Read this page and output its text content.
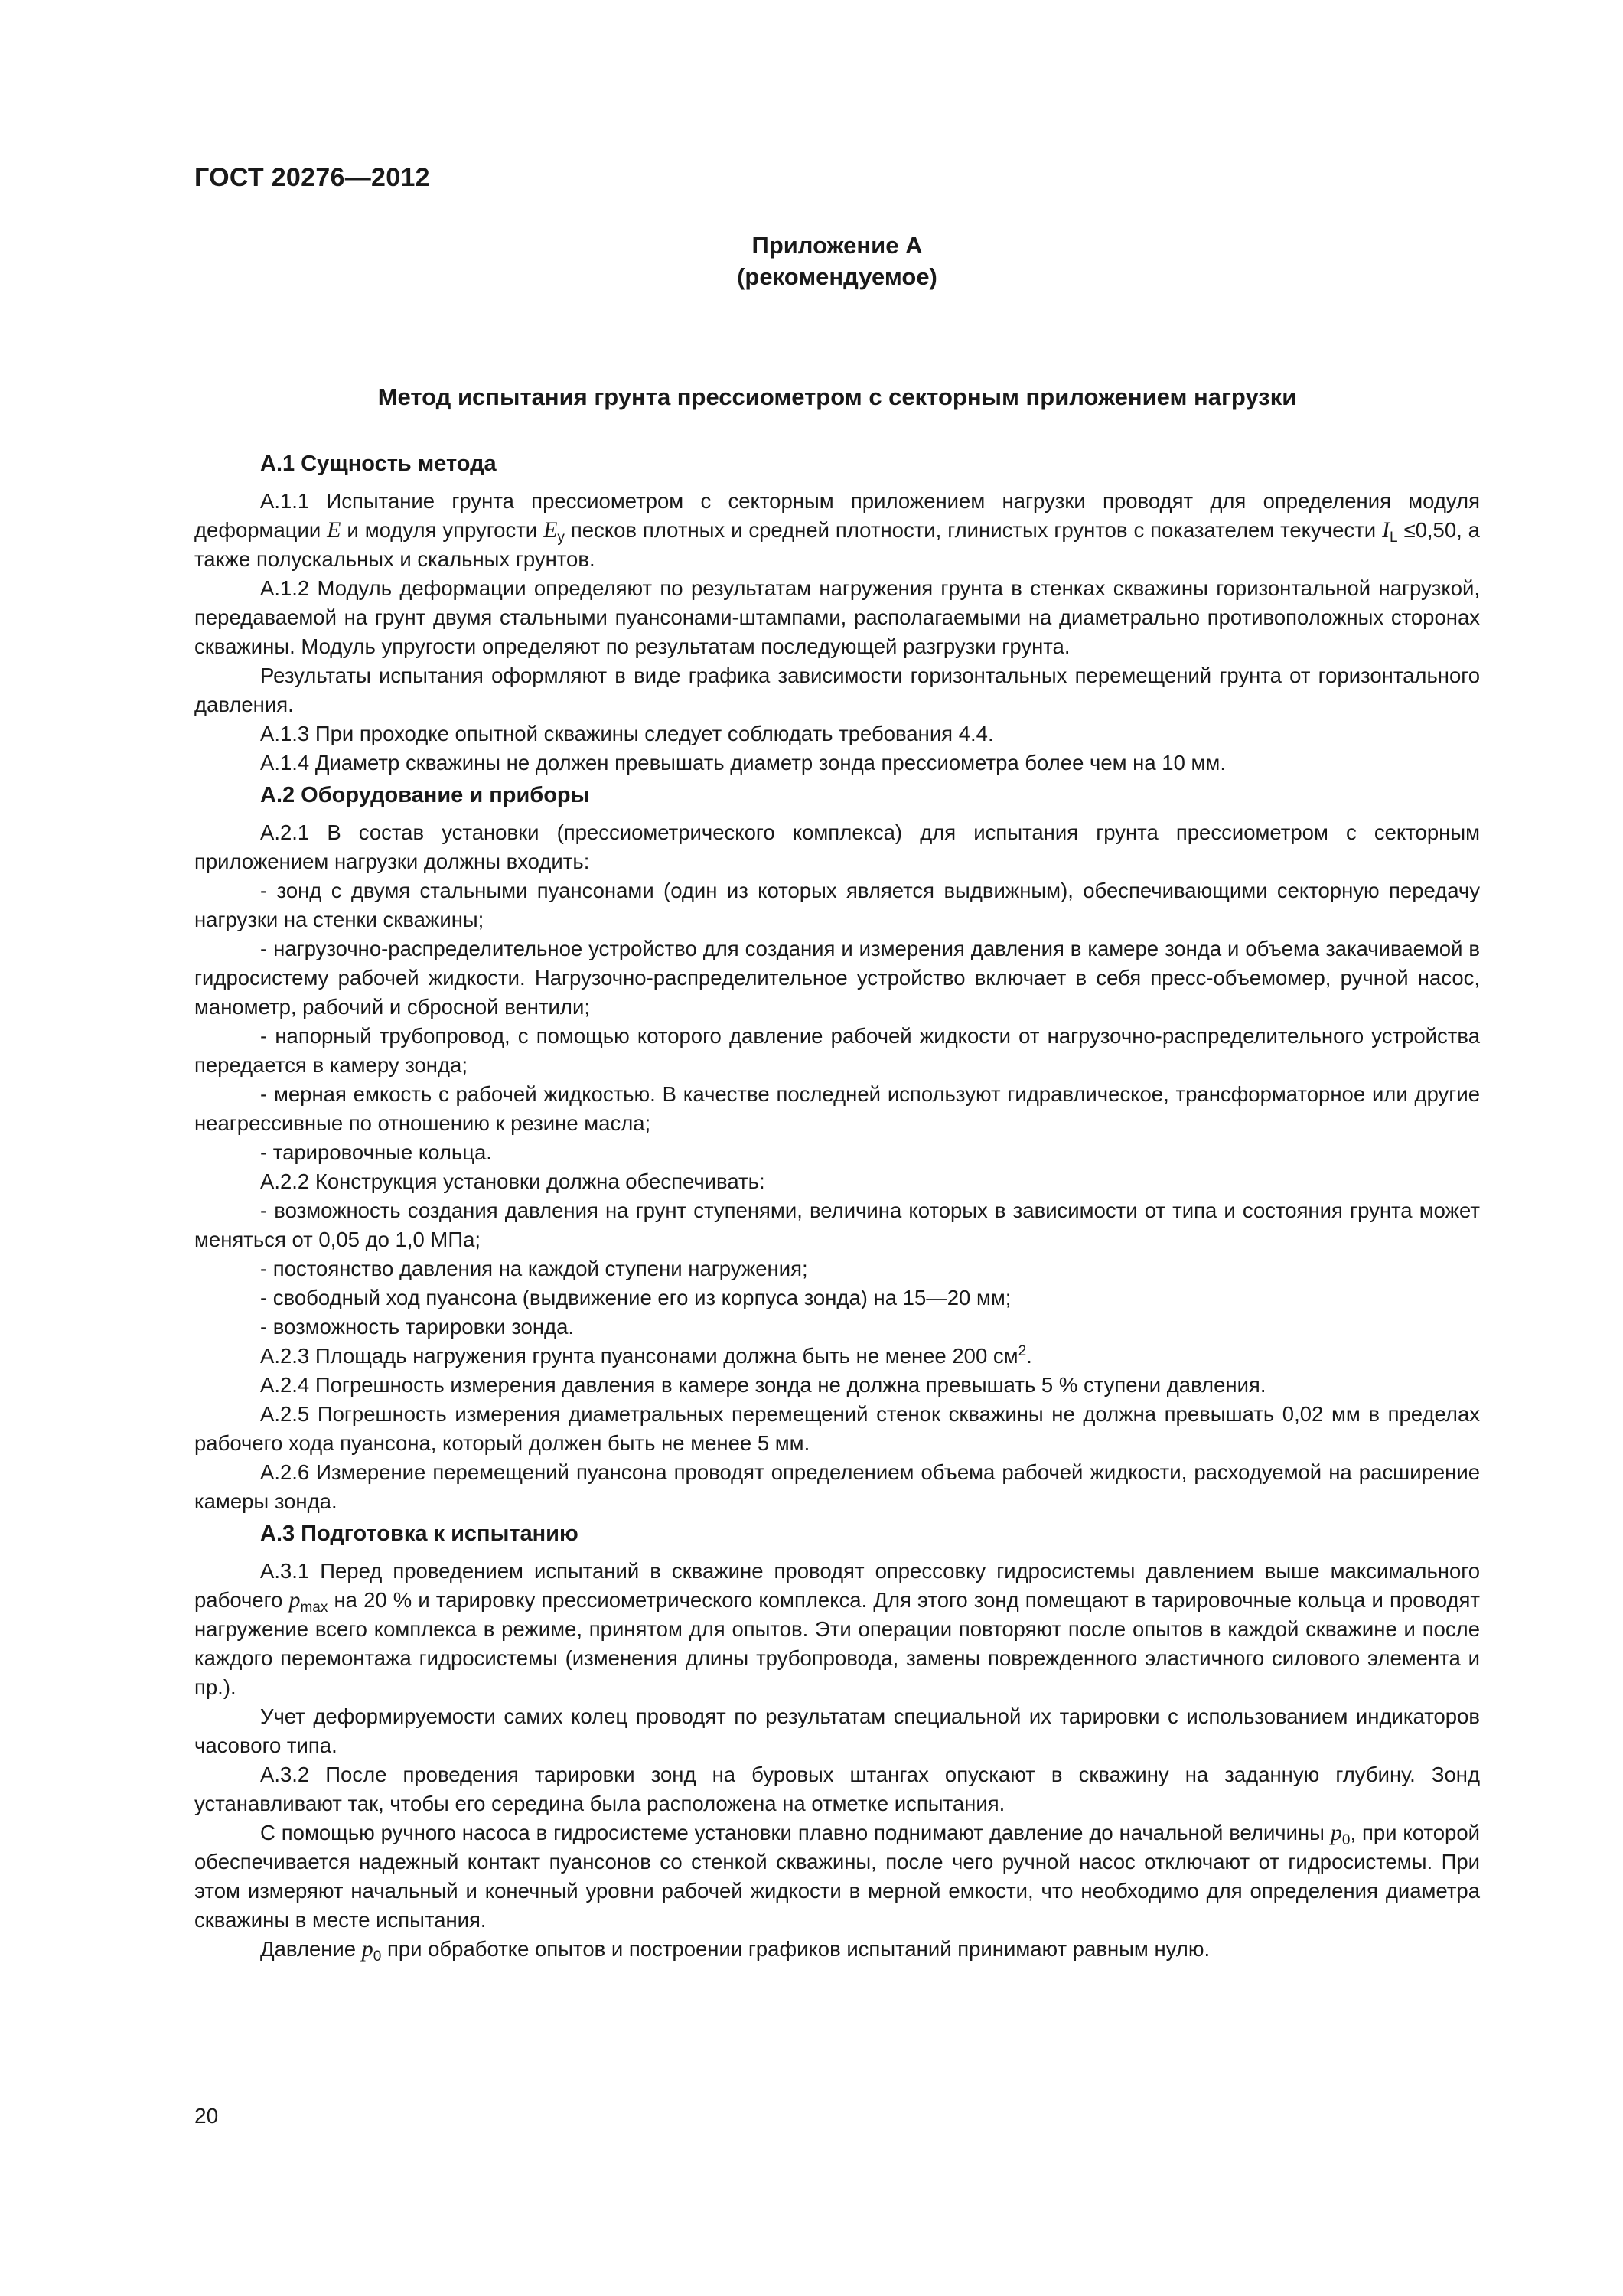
ГОСТ 20276—2012
Приложение А
(рекомендуемое)
Метод испытания грунта прессиометром с секторным приложением нагрузки
А.1 Сущность метода

А.1.1 Испытание грунта прессиометром с секторным приложением нагрузки проводят для определения модуля деформации E и модуля упругости $E_у$ песков плотных и средней плотности, глинистых грунтов с показателем текучести $I_L \le 0,50$, а также полускальных и скальных грунтов.

А.1.2 Модуль деформации определяют по результатам нагружения грунта в стенках скважины горизонтальной нагрузкой, передаваемой на грунт двумя стальными пуансонами-штампами, располагаемыми на диаметрально противоположных сторонах скважины. Модуль упругости определяют по результатам последующей разгрузки грунта.

Результаты испытания оформляют в виде графика зависимости горизонтальных перемещений грунта от горизонтального давления.

А.1.3 При проходке опытной скважины следует соблюдать требования 4.4.

А.1.4 Диаметр скважины не должен превышать диаметр зонда прессиометра более чем на 10 мм.

А.2 Оборудование и приборы

А.2.1 В состав установки (прессиометрического комплекса) для испытания грунта прессиометром с секторным приложением нагрузки должны входить:

- зонд с двумя стальными пуансонами (один из которых является выдвижным), обеспечивающими секторную передачу нагрузки на стенки скважины;

- нагрузочно-распределительное устройство для создания и измерения давления в камере зонда и объема закачиваемой в гидросистему рабочей жидкости. Нагрузочно-распределительное устройство включает в себя пресс-объемомер, ручной насос, манометр, рабочий и сбросной вентили;

- напорный трубопровод, с помощью которого давление рабочей жидкости от нагрузочно-распределительного устройства передается в камеру зонда;

- мерная емкость с рабочей жидкостью. В качестве последней используют гидравлическое, трансформаторное или другие неагрессивные по отношению к резине масла;

- тарировочные кольца.

А.2.2 Конструкция установки должна обеспечивать:

- возможность создания давления на грунт ступенями, величина которых в зависимости от типа и состояния грунта может меняться от 0,05 до 1,0 МПа;

- постоянство давления на каждой ступени нагружения;

- свободный ход пуансона (выдвижение его из корпуса зонда) на 15—20 мм;

- возможность тарировки зонда.

А.2.3 Площадь нагружения грунта пуансонами должна быть не менее 200 $см^2$.

А.2.4 Погрешность измерения давления в камере зонда не должна превышать 5 % ступени давления.

А.2.5 Погрешность измерения диаметральных перемещений стенок скважины не должна превышать 0,02 мм в пределах рабочего хода пуансона, который должен быть не менее 5 мм.

А.2.6 Измерение перемещений пуансона проводят определением объема рабочей жидкости, расходуемой на расширение камеры зонда.

А.3 Подготовка к испытанию

А.3.1 Перед проведением испытаний в скважине проводят опрессовку гидросистемы давлением выше максимального рабочего $p_{max}$ на 20 % и тарировку прессиометрического комплекса. Для этого зонд помещают в тарировочные кольца и проводят нагружение всего комплекса в режиме, принятом для опытов. Эти операции повторяют после опытов в каждой скважине и после каждого перемонтажа гидросистемы (изменения длины трубопровода, замены поврежденного эластичного силового элемента и пр.).

Учет деформируемости самих колец проводят по результатам специальной их тарировки с использованием индикаторов часового типа.

А.3.2 После проведения тарировки зонд на буровых штангах опускают в скважину на заданную глубину. Зонд устанавливают так, чтобы его середина была расположена на отметке испытания.

С помощью ручного насоса в гидросистеме установки плавно поднимают давление до начальной величины $p_0$, при которой обеспечивается надежный контакт пуансонов со стенкой скважины, после чего ручной насос отключают от гидросистемы. При этом измеряют начальный и конечный уровни рабочей жидкости в мерной емкости, что необходимо для определения диаметра скважины в месте испытания.

Давление $p_0$ при обработке опытов и построении графиков испытаний принимают равным нулю.

20
